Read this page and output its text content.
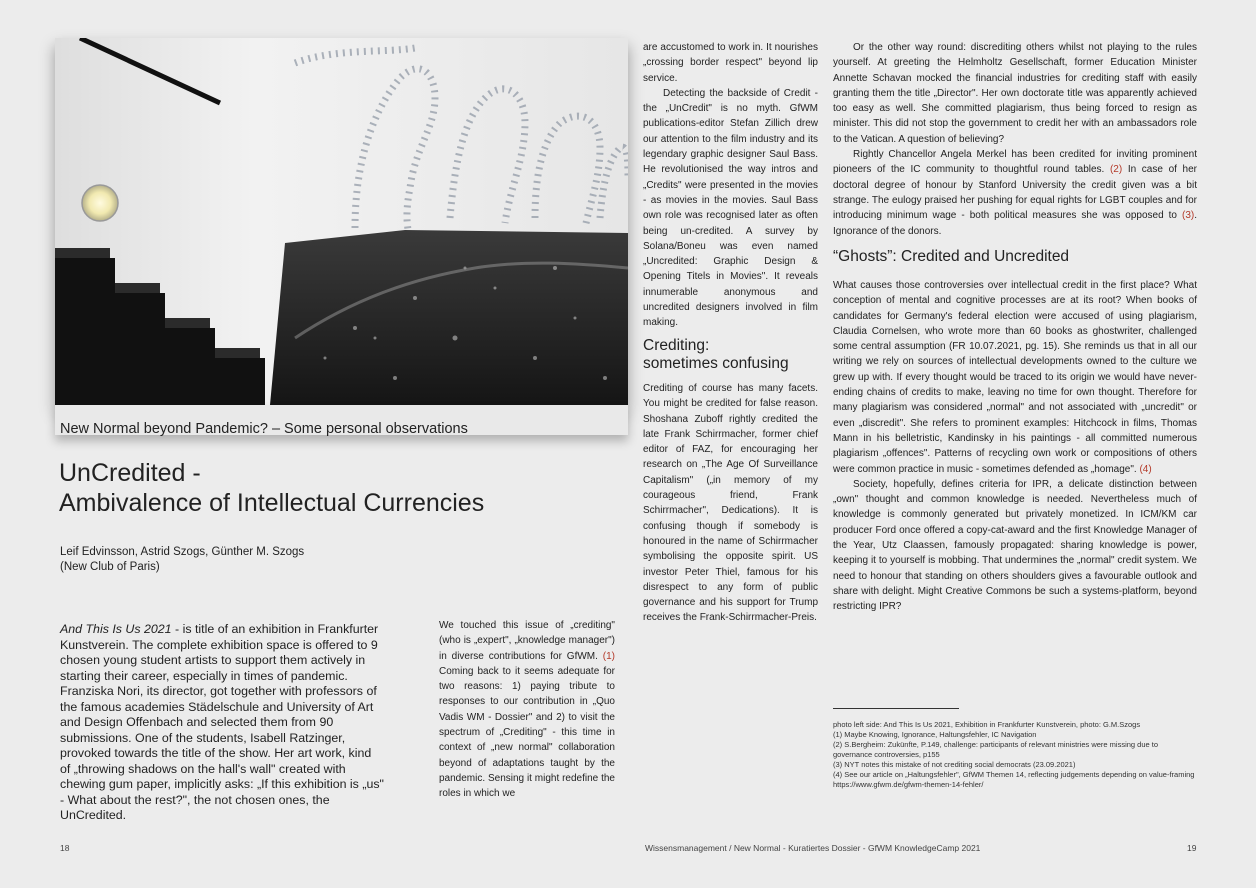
New Normal beyond Pandemic? – Some personal observations
UnCredited -
Ambivalence of Intellectual Currencies
Leif Edvinsson, Astrid Szogs, Günther M. Szogs
(New Club of Paris)

And This Is Us 2021 - is title of an exhibition in Frankfurter Kunstverein. The complete exhibition space is offered to 9 chosen young student artists to support them actively in starting their career, especially in times of pandemic. Franziska Nori, its director, got together with professors of the famous academies Städelschule and University of Art and Design Offenbach and selected them from 90 submissions. One of the students, Isabell Ratzinger, provoked towards the title of the show. Her art work, kind of „throwing shadows on the hall's wall" created with chewing gum paper, implicitly asks: „If this exhibition is „us" - What about the rest?", the not chosen ones, the UnCredited.

We touched this issue of „crediting" (who is „expert", „knowledge manager") in diverse contributions for GfWM. (1) Coming back to it seems adequate for two reasons: 1) paying tribute to responses to our contribution in „Quo Vadis WM - Dossier" and 2) to visit the spectrum of „Crediting" - this time in context of „new normal" collaboration beyond of adaptations taught by the pandemic. Sensing it might redefine the roles in which we

are accustomed to work in. It nourishes „crossing border respect" beyond lip service.

Detecting the backside of Credit - the „UnCredit" is no myth. GfWM publications-editor Stefan Zillich drew our attention to the film industry and its legendary graphic designer Saul Bass. He revolutionised the way intros and „Credits" were presented in the movies - as movies in the movies. Saul Bass own role was recognised later as often being un-credited. A survey by Solana/Boneu was even named „Uncredited: Graphic Design & Opening Titels in Movies". It reveals innumerable anonymous and uncredited designers involved in film making.

Crediting:
sometimes confusing

Crediting of course has many facets. You might be credited for false reason. Shoshana Zuboff rightly credited the late Frank Schirrmacher, former chief editor of FAZ, for encouraging her research on „The Age Of Surveillance Capitalism" („in memory of my courageous friend, Frank Schirrmacher", Dedications). It is confusing though if somebody is honoured in the name of Schirrmacher symbolising the opposite spirit. US investor Peter Thiel, famous for his disrespect to any form of public governance and his support for Trump receives the Frank-Schirrmacher-Preis.

Or the other way round: discrediting others whilst not playing to the rules yourself. At greeting the Helmholtz Gesellschaft, former Education Minister Annette Schavan mocked the financial industries for crediting staff with easily granting them the title „Director". Her own doctorate title was apparently achieved too easy as well. She committed plagiarism, thus being forced to resign as minister. This did not stop the government to credit her with an ambassadors role to the Vatican. A question of believing?

Rightly Chancellor Angela Merkel has been credited for inviting prominent pioneers of the IC community to thoughtful round tables. (2) In case of her doctoral degree of honour by Stanford University the credit given was a bit strange. The eulogy praised her pushing for equal rights for LGBT couples and for introducing minimum wage - both political measures she was opposed to (3). Ignorance of the donors.

“Ghosts”: Credited and Uncredited

What causes those controversies over intellectual credit in the first place? What conception of mental and cognitive processes are at its root? When books of candidates for Germany's federal election were accused of using plagiarism, Claudia Cornelsen, who wrote more than 60 books as ghostwriter, challenged some central assumption (FR 10.07.2021, pg. 15). She reminds us that in all our writing we rely on sources of intellectual developments owned to the culture we grew up with. If every thought would be traced to its origin we would have never-ending chains of credits to make, leaving no time for own thought. Therefore for many plagiarism was considered „normal" and not associated with „uncredit" or even „discredit". She refers to prominent examples: Hitchcock in films, Thomas Mann in his belletristic, Kandinsky in his paintings - all committed numerous plagiarism „offences". Patterns of recycling own work or compositions of others were common practice in music - sometimes defended as „homage". (4)

Society, hopefully, defines criteria for IPR, a delicate distinction between „own" thought and common knowledge is needed. Nevertheless much of knowledge is commonly generated but privately monetized. In ICM/KM car producer Ford once offered a copy-cat-award and the first Knowledge Manager of the Year, Utz Claassen, famously propagated: sharing knowledge is power, keeping it to yourself is mobbing. That undermines the „normal" credit system. We need to honour that standing on others shoulders gives a favourable outlook and share with delight. Might Creative Commons be such a systems-platform, beyond restricting IPR?

photo left side: And This Is Us 2021, Exhibition in Frankfurter Kunstverein, photo: G.M.Szogs
(1) Maybe Knowing, Ignorance, Haltungsfehler, IC Navigation
(2) S.Bergheim: Zukünfte, P.149, challenge: participants of relevant ministries were missing due to governance controversies, p155
(3) NYT notes this mistake of not crediting social democrats (23.09.2021)
(4) See our article on „Haltungsfehler", GfWM Themen 14, reflecting judgements depending on value-framing https://www.gfwm.de/gfwm-themen-14-fehler/
18	Wissensmanagement / New Normal - Kuratiertes Dossier - GfWM KnowledgeCamp 2021	19
